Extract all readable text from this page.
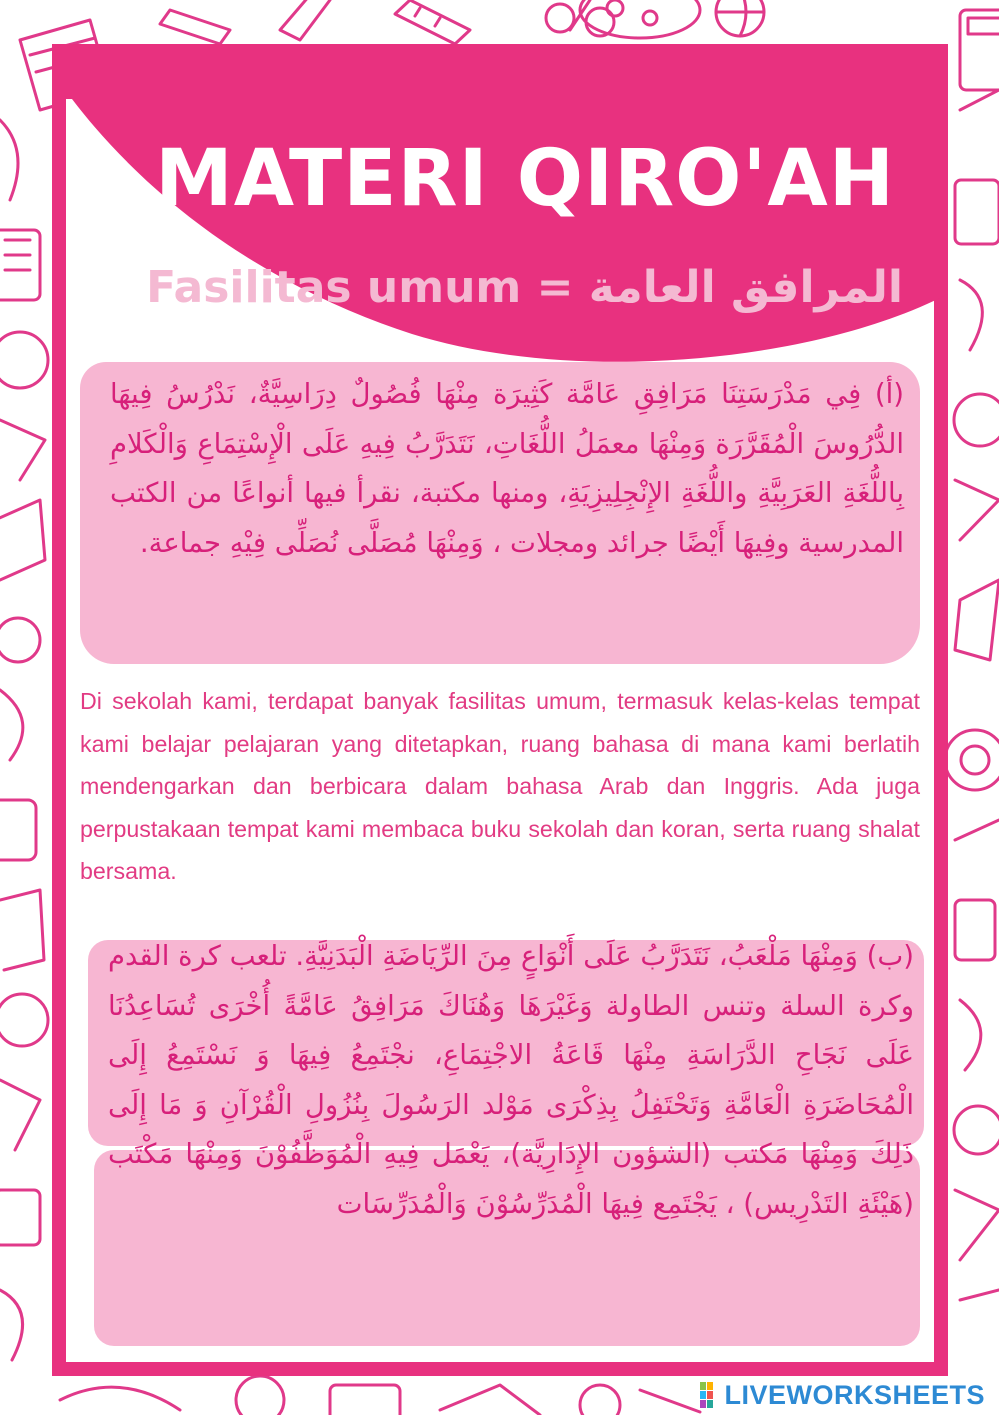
MATERI QIRO'AH
Fasilitas umum = المرافق العامة

(أ) فِي مَدْرَسَتِنَا مَرَافِقِ عَامَّة كَثِيرَة مِنْهَا فُصُولٌ دِرَاسِيَّةٌ، نَدْرُسُ فِيهَا الدُّرُوسَ الْمُقَرَّرَة وَمِنْهَا معمَلُ اللُّغَاتِ، نَتَدَرَّبُ فِيهِ عَلَى الْإِسْتِمَاعِ وَالْكَلامِ بِاللُّغَةِ العَرَبِيَّةِ واللُّغَةِ الإِنْجِلِيزِيَةِ، ومنها مكتبة، نقرأ فيها أنواعًا من الكتب المدرسية وفِيهَا أَيْضًا جرائد ومجلات ، وَمِنْهَا مُصَلَّى نُصَلِّى فِيْهِ جماعة.

Di sekolah kami, terdapat banyak fasilitas umum, termasuk kelas-kelas tempat kami belajar pelajaran yang ditetapkan, ruang bahasa di mana kami berlatih mendengarkan dan berbicara dalam bahasa Arab dan Inggris. Ada juga perpustakaan tempat kami membaca buku sekolah dan koran, serta ruang shalat bersama.

(ب) وَمِنْهَا مَلْعَبُ، نَتَدَرَّبُ عَلَى أَنْوَاعٍ مِنَ الرِّيَاضَةِ الْبَدَنِيَّةِ. تلعب كرة القدم وكرة السلة وتنس الطاولة وَغَيْرَهَا وَهُنَاكَ مَرَافِقُ عَامَّةً أُخْرَى تُسَاعِدُنَا عَلَى نَجَاحِ الدَّرَاسَةِ مِنْهَا قَاعَةُ الاجْتِمَاعِ، نجْتَمِعُ فِيهَا وَ نَسْتَمِعُ إِلَى الْمُحَاضَرَةِ الْعَامَّةِ وَتَحْتَفِلُ بِذِكْرَى مَوْلد الرَسُولَ بِنُزُولِ الْقُرْآنِ وَ مَا إِلَى ذَلِكَ وَمِنْهَا مَكتب (الشؤون الإِدَارِيَّة)، يَعْمَل فِيهِ الْمُوَظَّفُوْنَ وَمِنْهَا مَكْتَب (هَيْئَةِ التَدْرِيس) ، يَجْتَمِع فِيهَا الْمُدَرِّسُوْنَ وَالْمُدَرِّسَات

LIVEWORKSHEETS
